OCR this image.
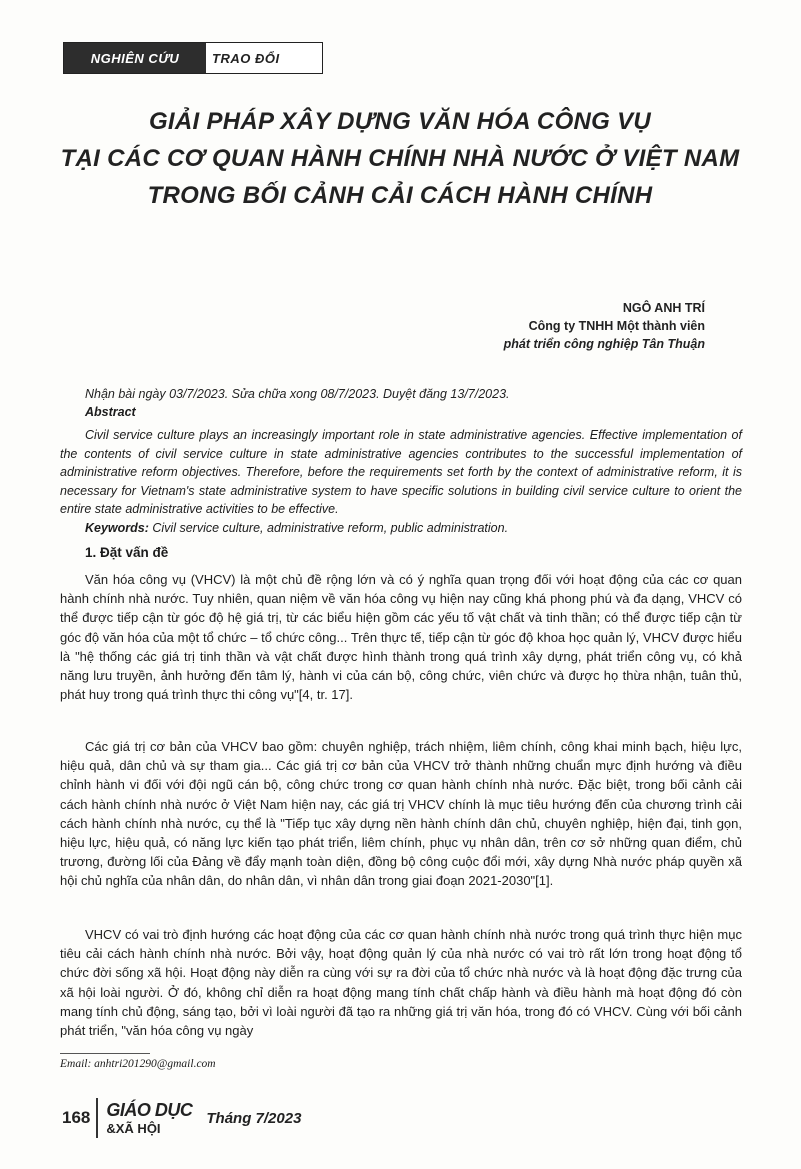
NGHIÊN CỨU	TRAO ĐỔI
GIẢI PHÁP XÂY DỰNG VĂN HÓA CÔNG VỤ
TẠI CÁC CƠ QUAN HÀNH CHÍNH NHÀ NƯỚC Ở VIỆT NAM
TRONG BỐI CẢNH CẢI CÁCH HÀNH CHÍNH
NGÔ ANH TRÍ
Công ty TNHH Một thành viên
phát triển công nghiệp Tân Thuận
Nhận bài ngày 03/7/2023. Sửa chữa xong 08/7/2023. Duyệt đăng 13/7/2023.
Abstract
Civil service culture plays an increasingly important role in state administrative agencies. Effective implementation of the contents of civil service culture in state administrative agencies contributes to the successful implementation of administrative reform objectives. Therefore, before the requirements set forth by the context of administrative reform, it is necessary for Vietnam's state administrative system to have specific solutions in building civil service culture to orient the entire state administrative activities to be effective.
Keywords: Civil service culture, administrative reform, public administration.
1. Đặt vấn đề
Văn hóa công vụ (VHCV) là một chủ đề rộng lớn và có ý nghĩa quan trọng đối với hoạt động của các cơ quan hành chính nhà nước. Tuy nhiên, quan niệm về văn hóa công vụ hiện nay cũng khá phong phú và đa dạng, VHCV có thể được tiếp cận từ góc độ hệ giá trị, từ các biểu hiện gồm các yếu tố vật chất và tinh thần; có thể được tiếp cận từ góc độ văn hóa của một tổ chức – tổ chức công... Trên thực tế, tiếp cận từ góc độ khoa học quản lý, VHCV được hiểu là "hệ thống các giá trị tinh thần và vật chất được hình thành trong quá trình xây dựng, phát triển công vụ, có khả năng lưu truyền, ảnh hưởng đến tâm lý, hành vi của cán bộ, công chức, viên chức và được họ thừa nhận, tuân thủ, phát huy trong quá trình thực thi công vụ"[4, tr. 17].
Các giá trị cơ bản của VHCV bao gồm: chuyên nghiệp, trách nhiệm, liêm chính, công khai minh bạch, hiệu lực, hiệu quả, dân chủ và sự tham gia... Các giá trị cơ bản của VHCV trở thành những chuẩn mực định hướng và điều chỉnh hành vi đối với đội ngũ cán bộ, công chức trong cơ quan hành chính nhà nước. Đặc biệt, trong bối cảnh cải cách hành chính nhà nước ở Việt Nam hiện nay, các giá trị VHCV chính là mục tiêu hướng đến của chương trình cải cách hành chính nhà nước, cụ thể là "Tiếp tục xây dựng nền hành chính dân chủ, chuyên nghiệp, hiện đại, tinh gọn, hiệu lực, hiệu quả, có năng lực kiến tạo phát triển, liêm chính, phục vụ nhân dân, trên cơ sở những quan điểm, chủ trương, đường lối của Đảng về đẩy mạnh toàn diện, đồng bộ công cuộc đổi mới, xây dựng Nhà nước pháp quyền xã hội chủ nghĩa của nhân dân, do nhân dân, vì nhân dân trong giai đoạn 2021-2030"[1].
VHCV có vai trò định hướng các hoạt động của các cơ quan hành chính nhà nước trong quá trình thực hiện mục tiêu cải cách hành chính nhà nước. Bởi vậy, hoạt động quản lý của nhà nước có vai trò rất lớn trong hoạt động tổ chức đời sống xã hội. Hoạt động này diễn ra cùng với sự ra đời của tổ chức nhà nước và là hoạt động đặc trưng của xã hội loài người. Ở đó, không chỉ diễn ra hoạt động mang tính chất chấp hành và điều hành mà hoạt động đó còn mang tính chủ động, sáng tạo, bởi vì loài người đã tạo ra những giá trị văn hóa, trong đó có VHCV. Cùng với bối cảnh phát triển, "văn hóa công vụ ngày
Email: anhtri201290@gmail.com
168 GIÁO DỤC
&XÃ HỘI
Tháng 7/2023
